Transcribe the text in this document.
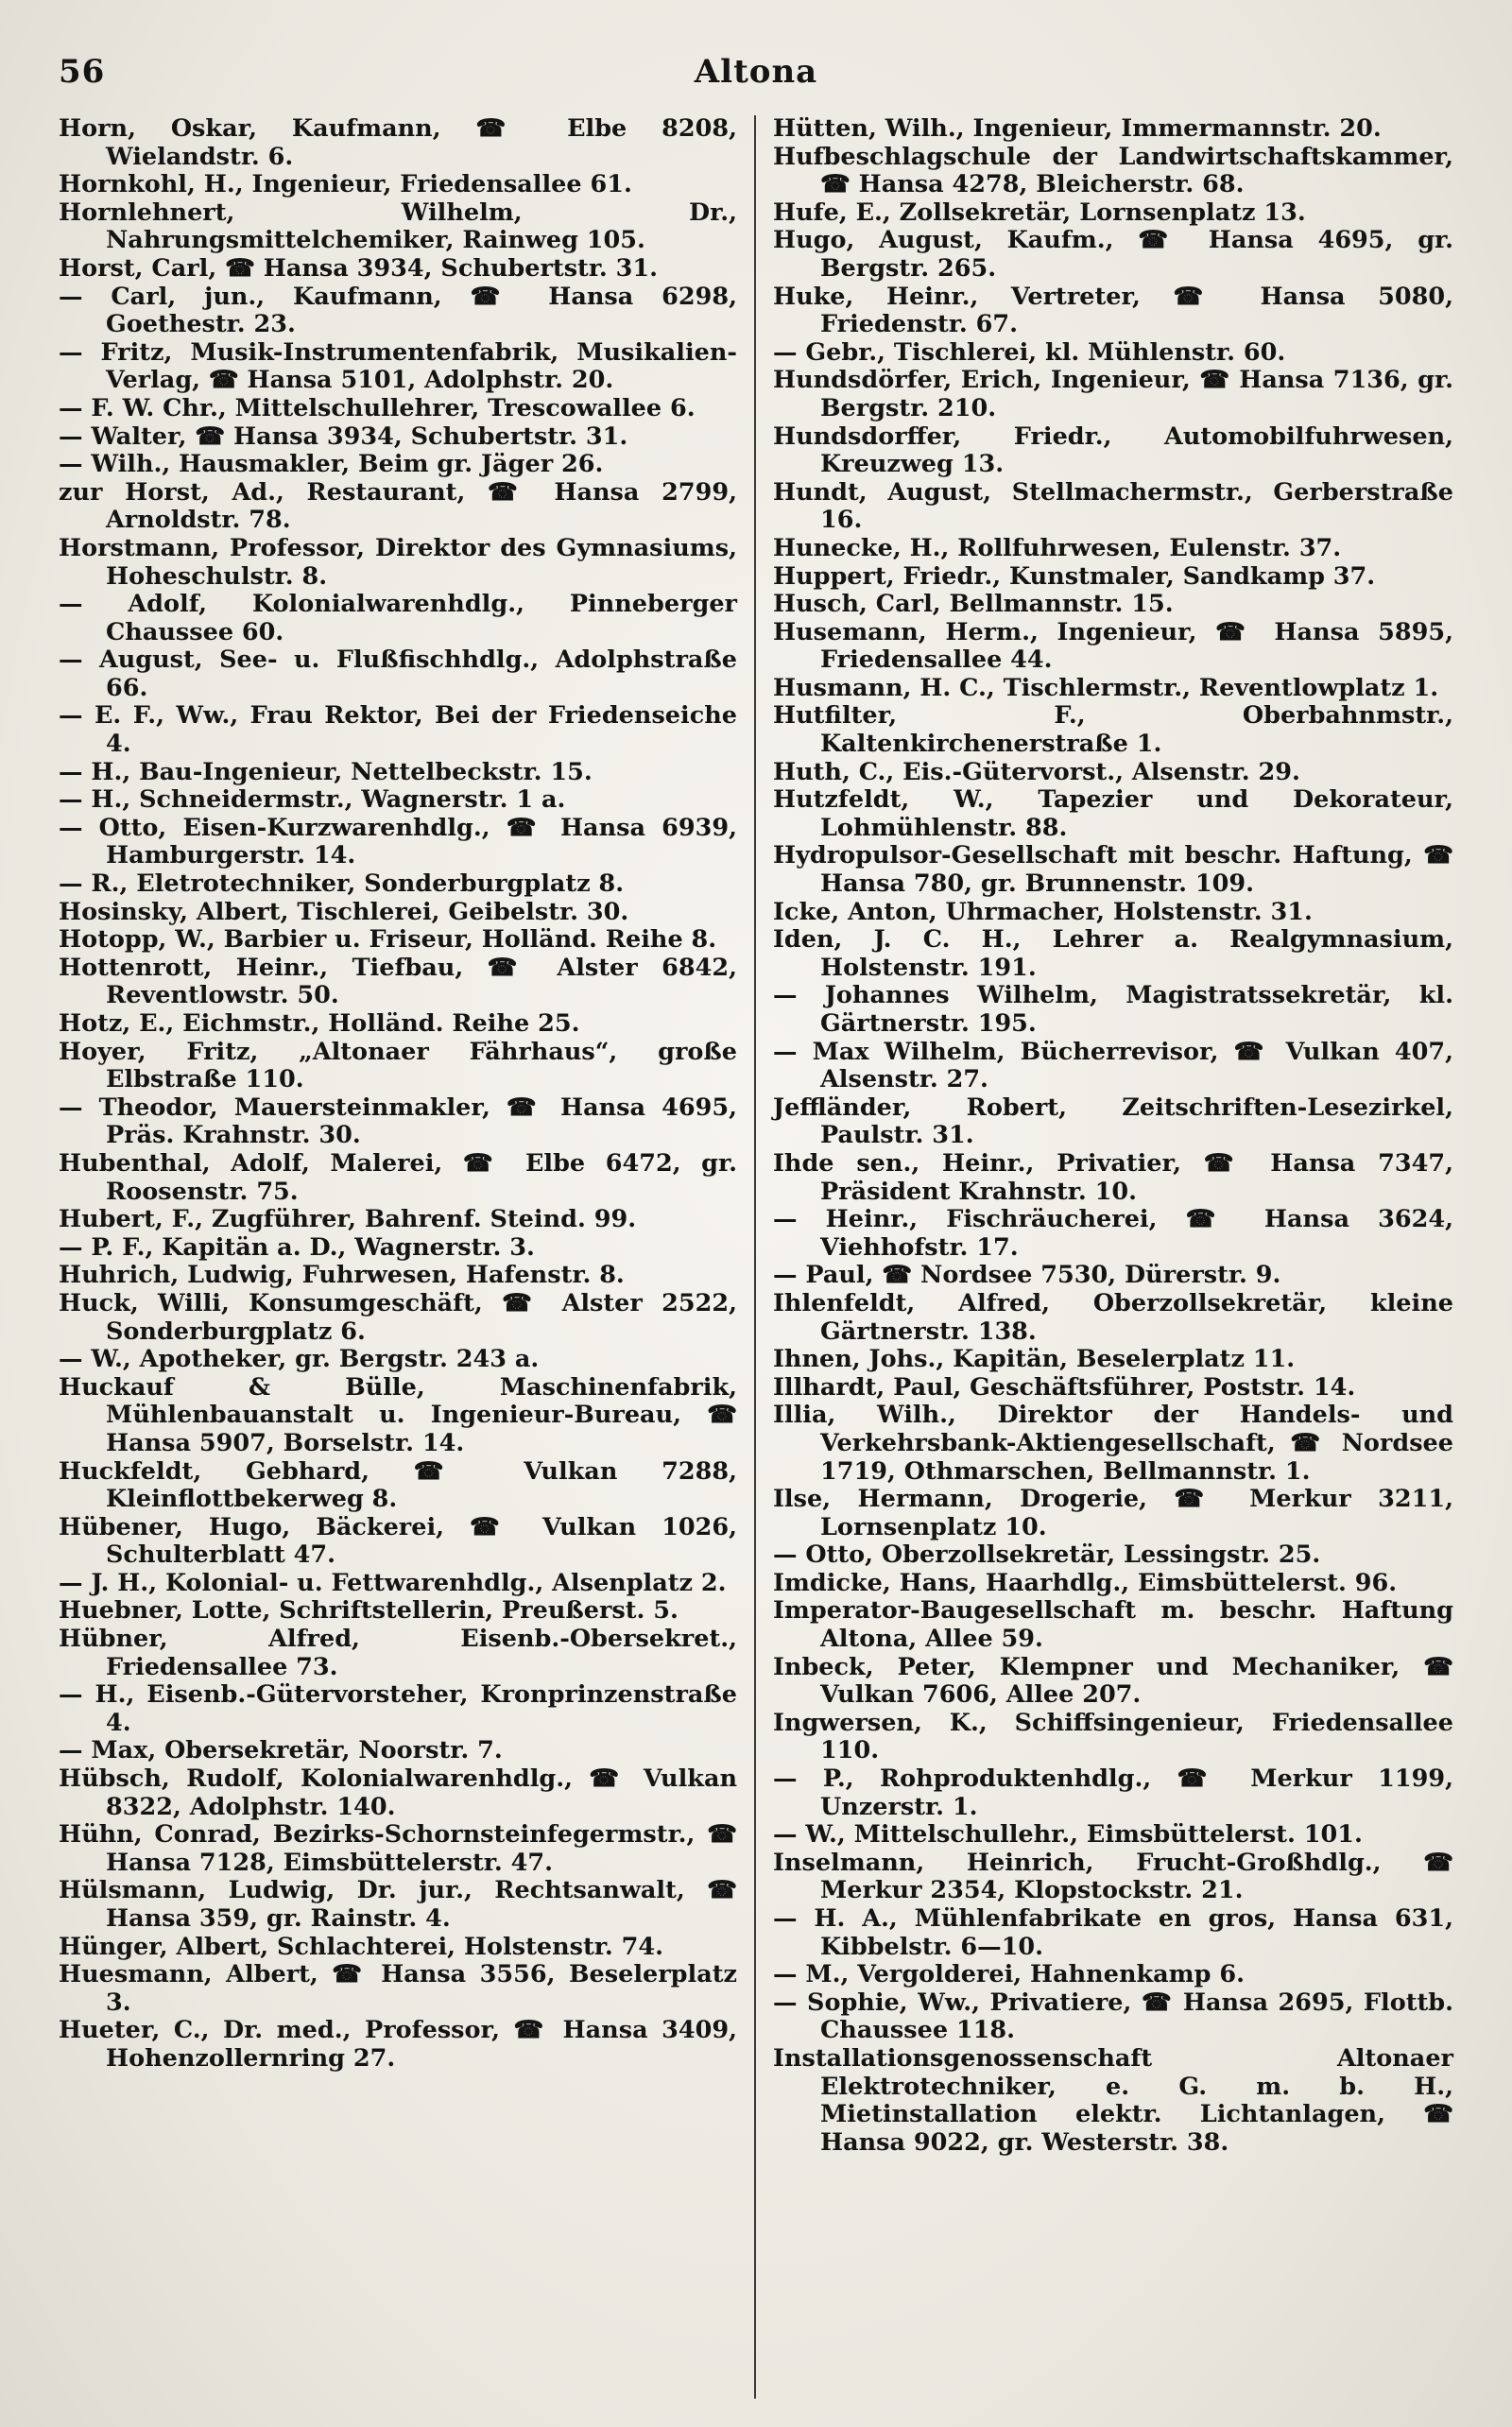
56	Altona

Horn, Oskar, Kaufmann, ☎ Elbe 8208, Wielandstr. 6.

Hornkohl, H., Ingenieur, Friedensallee 61.

Hornlehnert, Wilhelm, Dr., Nahrungsmittelchemiker, Rainweg 105.

Horst, Carl, ☎ Hansa 3934, Schubertstr. 31.

— Carl, jun., Kaufmann, ☎ Hansa 6298, Goethestr. 23.

— Fritz, Musik-Instrumentenfabrik, Musikalien-Verlag, ☎ Hansa 5101, Adolphstr. 20.

— F. W. Chr., Mittelschullehrer, Trescowallee 6.

— Walter, ☎ Hansa 3934, Schubertstr. 31.

— Wilh., Hausmakler, Beim gr. Jäger 26.

zur Horst, Ad., Restaurant, ☎ Hansa 2799, Arnoldstr. 78.

Horstmann, Professor, Direktor des Gymnasiums, Hoheschulstr. 8.

— Adolf, Kolonialwarenhdlg., Pinneberger Chaussee 60.

— August, See- u. Flußfischhdlg., Adolphstraße 66.

— E. F., Ww., Frau Rektor, Bei der Friedenseiche 4.

— H., Bau-Ingenieur, Nettelbeckstr. 15.

— H., Schneidermstr., Wagnerstr. 1 a.

— Otto, Eisen-Kurzwarenhdlg., ☎ Hansa 6939, Hamburgerstr. 14.

— R., Eletrotechniker, Sonderburgplatz 8.

Hosinsky, Albert, Tischlerei, Geibelstr. 30.

Hotopp, W., Barbier u. Friseur, Holländ. Reihe 8.

Hottenrott, Heinr., Tiefbau, ☎ Alster 6842, Reventlowstr. 50.

Hotz, E., Eichmstr., Holländ. Reihe 25.

Hoyer, Fritz, „Altonaer Fährhaus“, große Elbstraße 110.

— Theodor, Mauersteinmakler, ☎ Hansa 4695, Präs. Krahnstr. 30.

Hubenthal, Adolf, Malerei, ☎ Elbe 6472, gr. Roosenstr. 75.

Hubert, F., Zugführer, Bahrenf. Steind. 99.

— P. F., Kapitän a. D., Wagnerstr. 3.

Huhrich, Ludwig, Fuhrwesen, Hafenstr. 8.

Huck, Willi, Konsumgeschäft, ☎ Alster 2522, Sonderburgplatz 6.

— W., Apotheker, gr. Bergstr. 243 a.

Huckauf & Bülle, Maschinenfabrik, Mühlenbauanstalt u. Ingenieur-Bureau, ☎ Hansa 5907, Borselstr. 14.

Huckfeldt, Gebhard, ☎ Vulkan 7288, Kleinflottbekerweg 8.

Hübener, Hugo, Bäckerei, ☎ Vulkan 1026, Schulterblatt 47.

— J. H., Kolonial- u. Fettwarenhdlg., Alsenplatz 2.

Huebner, Lotte, Schriftstellerin, Preußerst. 5.

Hübner, Alfred, Eisenb.-Obersekret., Friedensallee 73.

— H., Eisenb.-Gütervorsteher, Kronprinzenstraße 4.

— Max, Obersekretär, Noorstr. 7.

Hübsch, Rudolf, Kolonialwarenhdlg., ☎ Vulkan 8322, Adolphstr. 140.

Hühn, Conrad, Bezirks-Schornsteinfegermstr., ☎ Hansa 7128, Eimsbüttelerstr. 47.

Hülsmann, Ludwig, Dr. jur., Rechtsanwalt, ☎ Hansa 359, gr. Rainstr. 4.

Hünger, Albert, Schlachterei, Holstenstr. 74.

Huesmann, Albert, ☎ Hansa 3556, Beselerplatz 3.

Hueter, C., Dr. med., Professor, ☎ Hansa 3409, Hohenzollernring 27.

Hütten, Wilh., Ingenieur, Immermannstr. 20.

Hufbeschlagschule der Landwirtschaftskammer, ☎ Hansa 4278, Bleicherstr. 68.

Hufe, E., Zollsekretär, Lornsenplatz 13.

Hugo, August, Kaufm., ☎ Hansa 4695, gr. Bergstr. 265.

Huke, Heinr., Vertreter, ☎ Hansa 5080, Friedenstr. 67.

— Gebr., Tischlerei, kl. Mühlenstr. 60.

Hundsdörfer, Erich, Ingenieur, ☎ Hansa 7136, gr. Bergstr. 210.

Hundsdorffer, Friedr., Automobilfuhrwesen, Kreuzweg 13.

Hundt, August, Stellmachermstr., Gerberstraße 16.

Hunecke, H., Rollfuhrwesen, Eulenstr. 37.

Huppert, Friedr., Kunstmaler, Sandkamp 37.

Husch, Carl, Bellmannstr. 15.

Husemann, Herm., Ingenieur, ☎ Hansa 5895, Friedensallee 44.

Husmann, H. C., Tischlermstr., Reventlowplatz 1.

Hutfilter, F., Oberbahnmstr., Kaltenkirchenerstraße 1.

Huth, C., Eis.-Gütervorst., Alsenstr. 29.

Hutzfeldt, W., Tapezier und Dekorateur, Lohmühlenstr. 88.

Hydropulsor-Gesellschaft mit beschr. Haftung, ☎ Hansa 780, gr. Brunnenstr. 109.

Icke, Anton, Uhrmacher, Holstenstr. 31.

Iden, J. C. H., Lehrer a. Realgymnasium, Holstenstr. 191.

— Johannes Wilhelm, Magistratssekretär, kl. Gärtnerstr. 195.

— Max Wilhelm, Bücherrevisor, ☎ Vulkan 407, Alsenstr. 27.

Jeffländer, Robert, Zeitschriften-Lesezirkel, Paulstr. 31.

Ihde sen., Heinr., Privatier, ☎ Hansa 7347, Präsident Krahnstr. 10.

— Heinr., Fischräucherei, ☎ Hansa 3624, Viehhofstr. 17.

— Paul, ☎ Nordsee 7530, Dürerstr. 9.

Ihlenfeldt, Alfred, Oberzollsekretär, kleine Gärtnerstr. 138.

Ihnen, Johs., Kapitän, Beselerplatz 11.

Illhardt, Paul, Geschäftsführer, Poststr. 14.

Illia, Wilh., Direktor der Handels- und Verkehrsbank-Aktiengesellschaft, ☎ Nordsee 1719, Othmarschen, Bellmannstr. 1.

Ilse, Hermann, Drogerie, ☎ Merkur 3211, Lornsenplatz 10.

— Otto, Oberzollsekretär, Lessingstr. 25.

Imdicke, Hans, Haarhdlg., Eimsbüttelerst. 96.

Imperator-Baugesellschaft m. beschr. Haftung Altona, Allee 59.

Inbeck, Peter, Klempner und Mechaniker, ☎ Vulkan 7606, Allee 207.

Ingwersen, K., Schiffsingenieur, Friedensallee 110.

— P., Rohproduktenhdlg., ☎ Merkur 1199, Unzerstr. 1.

— W., Mittelschullehr., Eimsbüttelerst. 101.

Inselmann, Heinrich, Frucht-Großhdlg., ☎ Merkur 2354, Klopstockstr. 21.

— H. A., Mühlenfabrikate en gros, Hansa 631, Kibbelstr. 6—10.

— M., Vergolderei, Hahnenkamp 6.

— Sophie, Ww., Privatiere, ☎ Hansa 2695, Flottb. Chaussee 118.

Installationsgenossenschaft Altonaer Elektrotechniker, e. G. m. b. H., Mietinstallation elektr. Lichtanlagen, ☎ Hansa 9022, gr. Westerstr. 38.
